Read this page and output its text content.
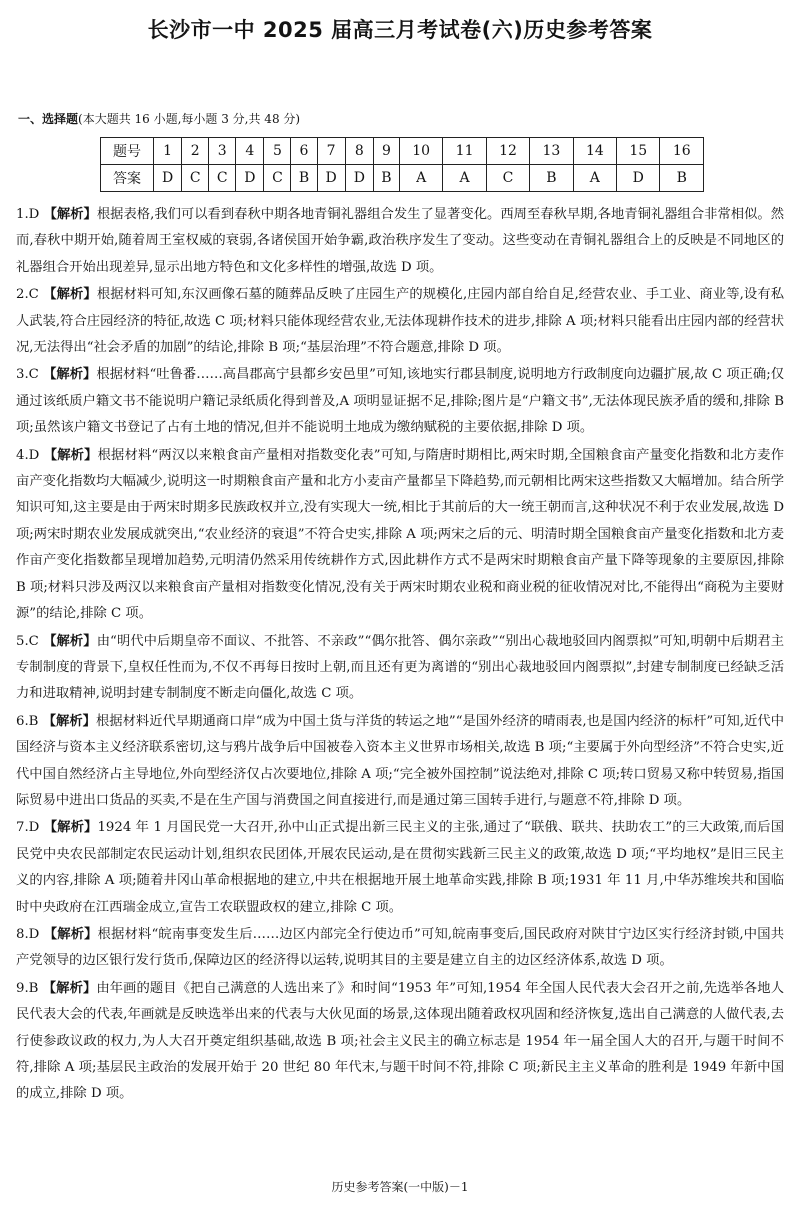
长沙市一中 2025 届高三月考试卷(六)历史参考答案
一、选择题(本大题共 16 小题,每小题 3 分,共 48 分)
题号	1	2	3	4	5	6	7	8	9	10	11	12	13	14	15	16
答案	D	C	C	D	C	B	D	D	B	A	A	C	B	A	D	B

1.D 【解析】根据表格,我们可以看到春秋中期各地青铜礼器组合发生了显著变化。西周至春秋早期,各地青铜礼器组合非常相似。然而,春秋中期开始,随着周王室权威的衰弱,各诸侯国开始争霸,政治秩序发生了变动。这些变动在青铜礼器组合上的反映是不同地区的礼器组合开始出现差异,显示出地方特色和文化多样性的增强,故选 D 项。

2.C 【解析】根据材料可知,东汉画像石墓的随葬品反映了庄园生产的规模化,庄园内部自给自足,经营农业、手工业、商业等,设有私人武装,符合庄园经济的特征,故选 C 项;材料只能体现经营农业,无法体现耕作技术的进步,排除 A 项;材料只能看出庄园内部的经营状况,无法得出“社会矛盾的加剧”的结论,排除 B 项;“基层治理”不符合题意,排除 D 项。

3.C 【解析】根据材料“吐鲁番……高昌郡高宁县都乡安邑里”可知,该地实行郡县制度,说明地方行政制度向边疆扩展,故 C 项正确;仅通过该纸质户籍文书不能说明户籍记录纸质化得到普及,A 项明显证据不足,排除;图片是“户籍文书”,无法体现民族矛盾的缓和,排除 B 项;虽然该户籍文书登记了占有土地的情况,但并不能说明土地成为缴纳赋税的主要依据,排除 D 项。

4.D 【解析】根据材料“两汉以来粮食亩产量相对指数变化表”可知,与隋唐时期相比,两宋时期,全国粮食亩产量变化指数和北方麦作亩产变化指数均大幅减少,说明这一时期粮食亩产量和北方小麦亩产量都呈下降趋势,而元朝相比两宋这些指数又大幅增加。结合所学知识可知,这主要是由于两宋时期多民族政权并立,没有实现大一统,相比于其前后的大一统王朝而言,这种状况不利于农业发展,故选 D 项;两宋时期农业发展成就突出,“农业经济的衰退”不符合史实,排除 A 项;两宋之后的元、明清时期全国粮食亩产量变化指数和北方麦作亩产变化指数都呈现增加趋势,元明清仍然采用传统耕作方式,因此耕作方式不是两宋时期粮食亩产量下降等现象的主要原因,排除 B 项;材料只涉及两汉以来粮食亩产量相对指数变化情况,没有关于两宋时期农业税和商业税的征收情况对比,不能得出“商税为主要财源”的结论,排除 C 项。

5.C 【解析】由“明代中后期皇帝不面议、不批答、不亲政”“偶尔批答、偶尔亲政”“别出心裁地驳回内阁票拟”可知,明朝中后期君主专制制度的背景下,皇权任性而为,不仅不再每日按时上朝,而且还有更为离谱的“别出心裁地驳回内阁票拟”,封建专制制度已经缺乏活力和进取精神,说明封建专制制度不断走向僵化,故选 C 项。

6.B 【解析】根据材料近代早期通商口岸“成为中国土货与洋货的转运之地”“是国外经济的晴雨表,也是国内经济的标杆”可知,近代中国经济与资本主义经济联系密切,这与鸦片战争后中国被卷入资本主义世界市场相关,故选 B 项;“主要属于外向型经济”不符合史实,近代中国自然经济占主导地位,外向型经济仅占次要地位,排除 A 项;“完全被外国控制”说法绝对,排除 C 项;转口贸易又称中转贸易,指国际贸易中进出口货品的买卖,不是在生产国与消费国之间直接进行,而是通过第三国转手进行,与题意不符,排除 D 项。

7.D 【解析】1924 年 1 月国民党一大召开,孙中山正式提出新三民主义的主张,通过了“联俄、联共、扶助农工”的三大政策,而后国民党中央农民部制定农民运动计划,组织农民团体,开展农民运动,是在贯彻实践新三民主义的政策,故选 D 项;“平均地权”是旧三民主义的内容,排除 A 项;随着井冈山革命根据地的建立,中共在根据地开展土地革命实践,排除 B 项;1931 年 11 月,中华苏维埃共和国临时中央政府在江西瑞金成立,宣告工农联盟政权的建立,排除 C 项。

8.D 【解析】根据材料“皖南事变发生后……边区内部完全行使边币”可知,皖南事变后,国民政府对陕甘宁边区实行经济封锁,中国共产党领导的边区银行发行货币,保障边区的经济得以运转,说明其目的主要是建立自主的边区经济体系,故选 D 项。

9.B 【解析】由年画的题目《把自己满意的人选出来了》和时间“1953 年”可知,1954 年全国人民代表大会召开之前,先选举各地人民代表大会的代表,年画就是反映选举出来的代表与大伙见面的场景,这体现出随着政权巩固和经济恢复,选出自己满意的人做代表,去行使参政议政的权力,为人大召开奠定组织基础,故选 B 项;社会主义民主的确立标志是 1954 年一届全国人大的召开,与题干时间不符,排除 A 项;基层民主政治的发展开始于 20 世纪 80 年代末,与题干时间不符,排除 C 项;新民主主义革命的胜利是 1949 年新中国的成立,排除 D 项。

历史参考答案(一中版)－1
